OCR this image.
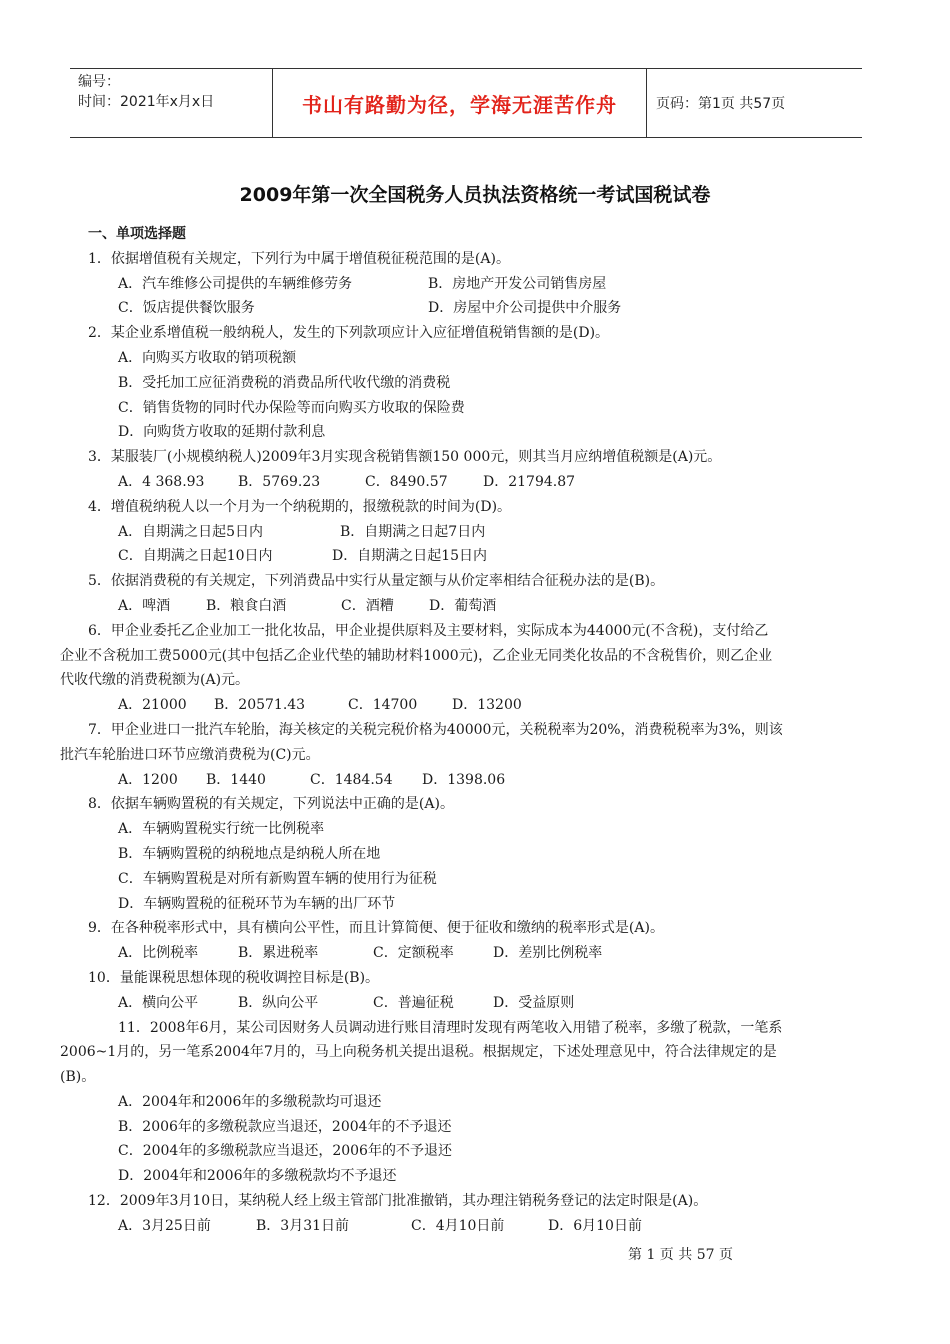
编号：
时间：2021年x月x日	书山有路勤为径，学海无涯苦作舟	页码：第1页 共57页
2009年第一次全国税务人员执法资格统一考试国税试卷
一、单项选择题
1．依据增值税有关规定，下列行为中属于增值税征税范围的是(A)。
A．汽车维修公司提供的车辆维修劳务	B．房地产开发公司销售房屋
C．饭店提供餐饮服务	D．房屋中介公司提供中介服务
2．某企业系增值税一般纳税人，发生的下列款项应计入应征增值税销售额的是(D)。
A．向购买方收取的销项税额
B．受托加工应征消费税的消费品所代收代缴的消费税
C．销售货物的同时代办保险等而向购买方收取的保险费
D．向购货方收取的延期付款利息
3．某服装厂(小规模纳税人)2009年3月实现含税销售额150 000元，则其当月应纳增值税额是(A)元。
A．4 368.93 B．5769.23	C．8490.57	D．21794.87
4．增值税纳税人以一个月为一个纳税期的，报缴税款的时间为(D)。
A．自期满之日起5日内	B．自期满之日起7日内
C．自期满之日起10日内	D．自期满之日起15日内
5．依据消费税的有关规定，下列消费品中实行从量定额与从价定率相结合征税办法的是(B)。
A．啤酒	B．粮食白酒	C．酒糟	D．葡萄酒
6．甲企业委托乙企业加工一批化妆品，甲企业提供原料及主要材料，实际成本为44000元(不含税)，支付给乙
企业不含税加工费5000元(其中包括乙企业代垫的辅助材料1000元)，乙企业无同类化妆品的不含税售价，则乙企业
代收代缴的消费税额为(A)元。
A．21000 B．20571.43	C．14700 D．13200
7．甲企业进口一批汽车轮胎，海关核定的关税完税价格为40000元，关税税率为20%，消费税税率为3%，则该
批汽车轮胎进口环节应缴消费税为(C)元。
A．1200 B．1440	C．1484.54 D．1398.06
8．依据车辆购置税的有关规定，下列说法中正确的是(A)。
A．车辆购置税实行统一比例税率
B．车辆购置税的纳税地点是纳税人所在地
C．车辆购置税是对所有新购置车辆的使用行为征税
D．车辆购置税的征税环节为车辆的出厂环节
9．在各种税率形式中，具有横向公平性，而且计算简便、便于征收和缴纳的税率形式是(A)。
A．比例税率	B．累进税率	C．定额税率	D．差别比例税率
10．量能课税思想体现的税收调控目标是(B)。
A．横向公平	B．纵向公平	C．普遍征税	D．受益原则
11．2008年6月，某公司因财务人员调动进行账目清理时发现有两笔收入用错了税率，多缴了税款，一笔系
2006~1月的，另一笔系2004年7月的，马上向税务机关提出退税。根据规定，下述处理意见中，符合法律规定的是
(B)。
A．2004年和2006年的多缴税款均可退还
B．2006年的多缴税款应当退还，2004年的不予退还
C．2004年的多缴税款应当退还，2006年的不予退还
D．2004年和2006年的多缴税款均不予退还
12．2009年3月10日，某纳税人经上级主管部门批准撤销，其办理注销税务登记的法定时限是(A)。
A．3月25日前	B．3月31日前	C．4月10日前	D．6月10日前
第 1 页 共 57 页
